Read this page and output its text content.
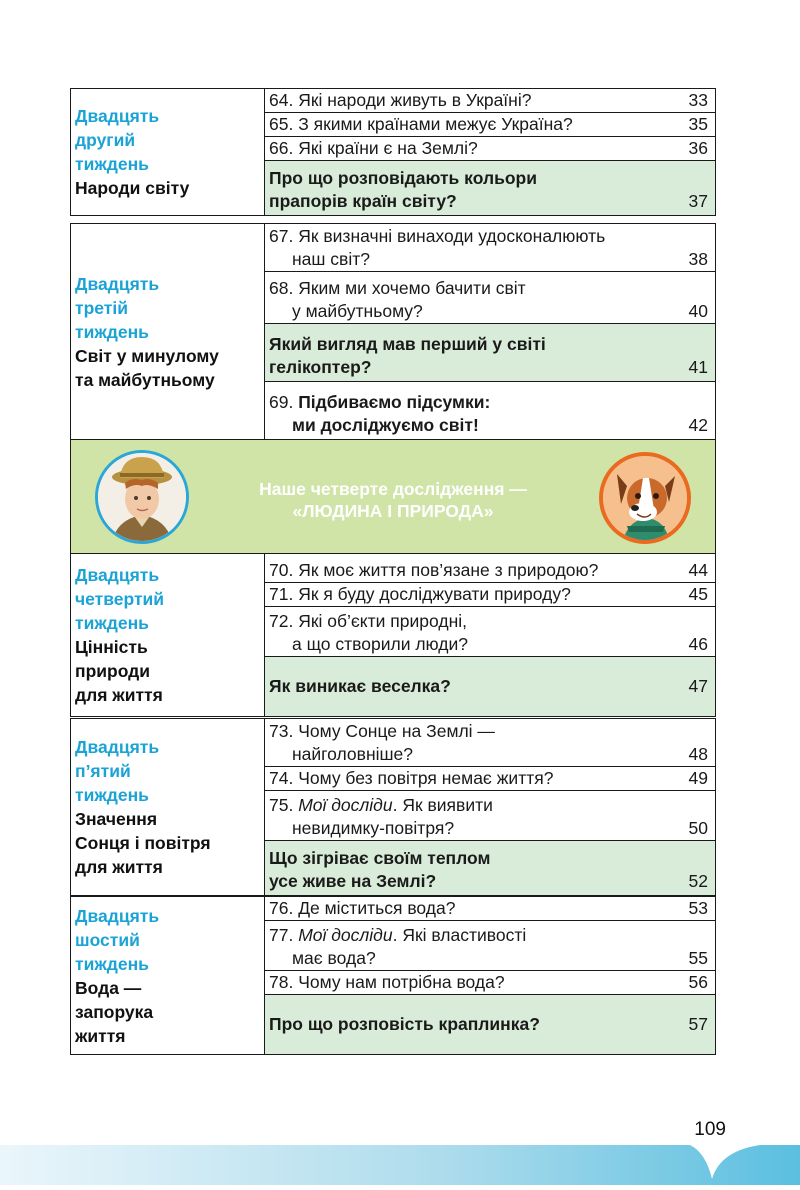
Двадцять
другий
тиждень
Народи світу

64. Які народи живуть в Україні?	33

65. З якими країнами межує Україна?	35

66. Які країни є на Землі?	36

Про що розповідають кольори
прапорів країн світу?	37
Двадцять
третій
тиждень
Світ у минулому
та майбутньому

67. Як визначні винаходи удосконалюють
наш світ?	38

68. Яким ми хочемо бачити світ
у майбутньому?	40

Який вигляд мав перший у світі
гелікоптер?	41

69. Підбиваємо підсумки:
ми досліджуємо світ!	42
Наше четверте дослідження —
«ЛЮДИНА І ПРИРОДА»
Двадцять
четвертий
тиждень
Цінність
природи
для життя

70. Як моє життя пов’язане з природою?	44

71. Як я буду досліджувати природу?	45

72. Які об’єкти природні,
а що створили люди?	46

Як виникає веселка?	47
Двадцять
п’ятий
тиждень
Значення
Сонця і повітря
для життя

73. Чому Сонце на Землі —
найголовніше?	48

74. Чому без повітря немає життя?	49

75. Мої досліди. Як виявити
невидимку-повітря?	50

Що зігріває своїм теплом
усе живе на Землі?	52
Двадцять
шостий
тиждень
Вода —
запорука
життя

76. Де міститься вода?	53

77. Мої досліди. Які властивості
має вода?	55

78. Чому нам потрібна вода?	56

Про що розповість краплинка?	57
109
